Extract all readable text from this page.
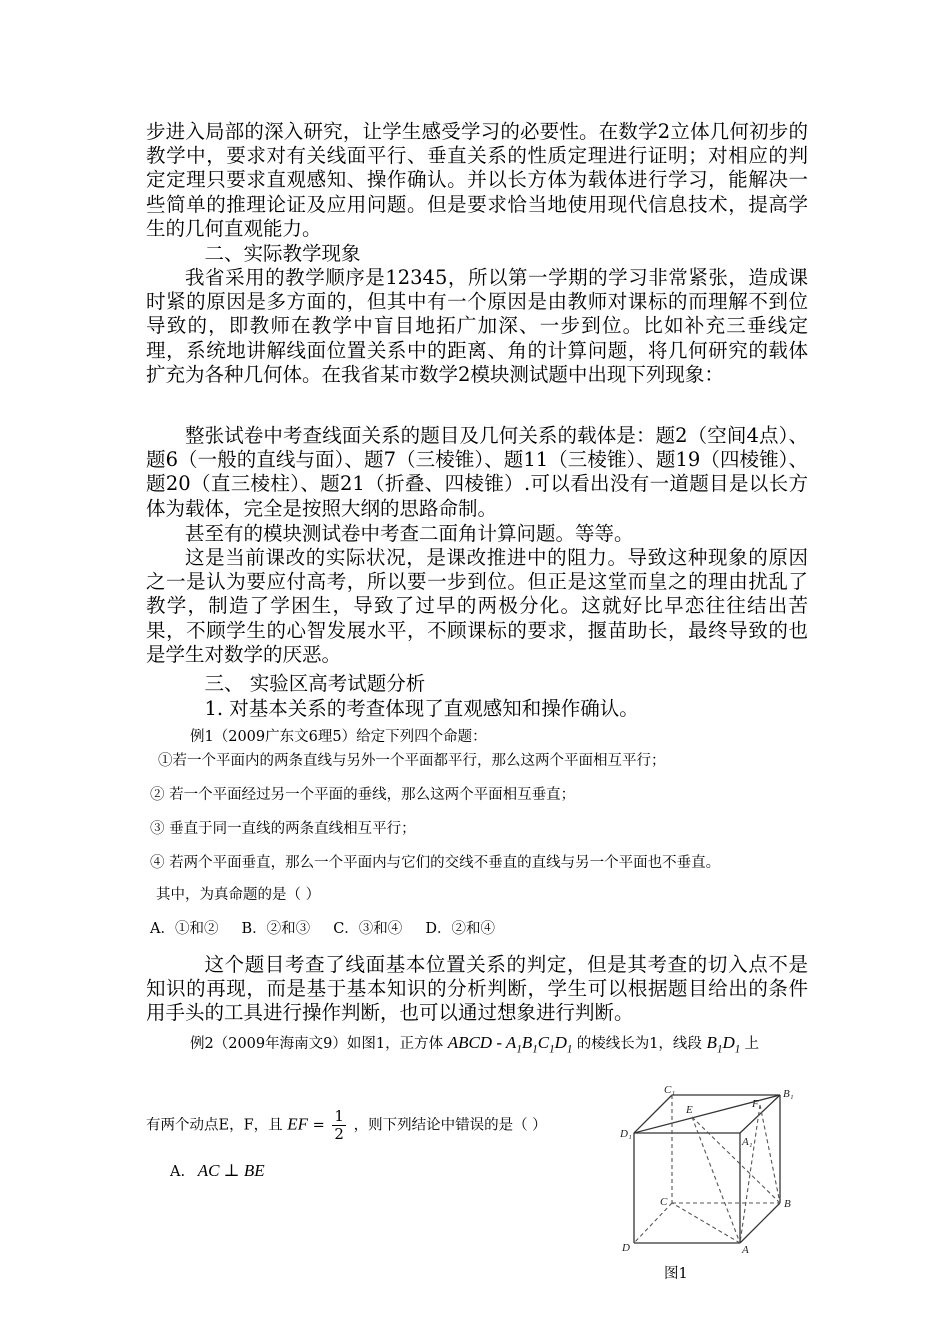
步进入局部的深入研究，让学生感受学习的必要性。在数学2立体几何初步的教学中，要求对有关线面平行、垂直关系的性质定理进行证明；对相应的判定定理只要求直观感知、操作确认。并以长方体为载体进行学习，能解决一些简单的推理论证及应用问题。但是要求恰当地使用现代信息技术，提高学生的几何直观能力。

二、实际教学现象

我省采用的教学顺序是12345，所以第一学期的学习非常紧张，造成课时紧的原因是多方面的，但其中有一个原因是由教师对课标的而理解不到位导致的，即教师在教学中盲目地拓广加深、一步到位。比如补充三垂线定理，系统地讲解线面位置关系中的距离、角的计算问题，将几何研究的载体扩充为各种几何体。在我省某市数学2模块测试题中出现下列现象：

整张试卷中考查线面关系的题目及几何关系的载体是：题2（空间4点）、题6（一般的直线与面）、题7（三棱锥）、题11（三棱锥）、题19（四棱锥）、题20（直三棱柱）、题21（折叠、四棱锥）.可以看出没有一道题目是以长方体为载体，完全是按照大纲的思路命制。

甚至有的模块测试卷中考查二面角计算问题。等等。

这是当前课改的实际状况，是课改推进中的阻力。导致这种现象的原因之一是认为要应付高考，所以要一步到位。但正是这堂而皇之的理由扰乱了教学，制造了学困生，导致了过早的两极分化。这就好比早恋往往结出苦果，不顾学生的心智发展水平，不顾课标的要求，揠苗助长，最终导致的也是学生对数学的厌恶。

三、 实验区高考试题分析

1. 对基本关系的考查体现了直观感知和操作确认。

例1（2009广东文6理5）给定下列四个命题：

①若一个平面内的两条直线与另外一个平面都平行，那么这两个平面相互平行；

② 若一个平面经过另一个平面的垂线，那么这两个平面相互垂直；

③ 垂直于同一直线的两条直线相互平行；

④ 若两个平面垂直，那么一个平面内与它们的交线不垂直的直线与另一个平面也不垂直。

其中，为真命题的是（ ）

A．①和②     B．②和③     C．③和④     D．②和④

这个题目考查了线面基本位置关系的判定，但是其考查的切入点不是知识的再现，而是基于基本知识的分析判断，学生可以根据题目给出的条件用手头的工具进行操作判断，也可以通过想象进行判断。

例2（2009年海南文9）如图1，正方体 ABCD - $A_1B_1C_1D_1$ 的棱线长为1，线段 $B_1D_1$ 上
有两个动点E，F，且 EF = $\frac{1}{2}$ ，则下列结论中错误的是（ ）
A. AC ⊥ BE
C₁	B₁
E	F
A₁
D₁
C	B
D	A
图1
